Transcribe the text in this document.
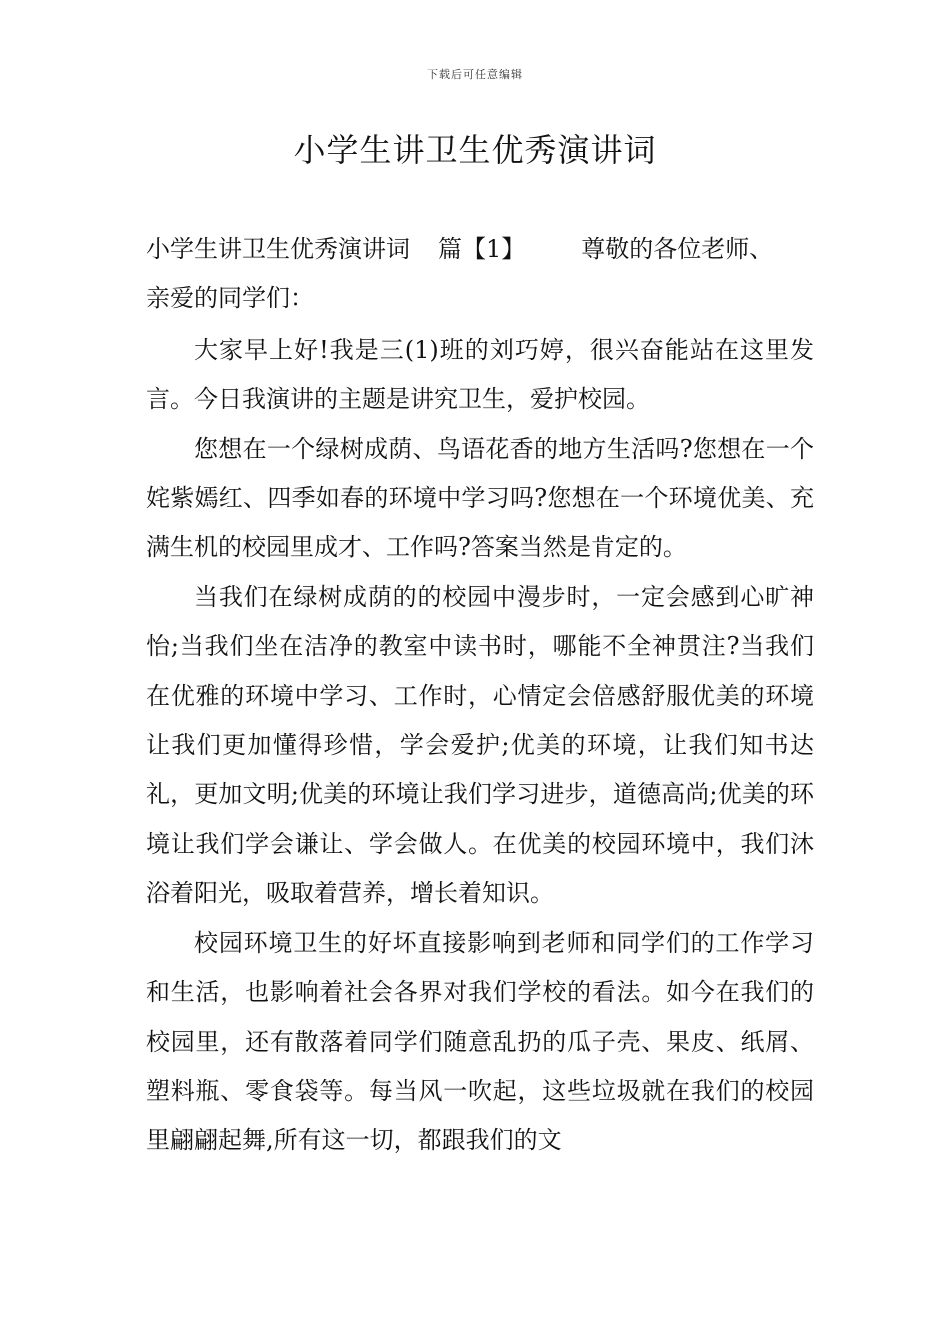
下载后可任意编辑
小学生讲卫生优秀演讲词

小学生讲卫生优秀演讲词 篇【1】 尊敬的各位老师、
亲爱的同学们：

大家早上好!我是三(1)班的刘巧婷，很兴奋能站在这里发言。今日我演讲的主题是讲究卫生，爱护校园。

您想在一个绿树成荫、鸟语花香的地方生活吗?您想在一个姹紫嫣红、四季如春的环境中学习吗?您想在一个环境优美、充满生机的校园里成才、工作吗?答案当然是肯定的。

当我们在绿树成荫的的校园中漫步时，一定会感到心旷神怡;当我们坐在洁净的教室中读书时，哪能不全神贯注?当我们在优雅的环境中学习、工作时，心情定会倍感舒服优美的环境让我们更加懂得珍惜，学会爱护;优美的环境，让我们知书达礼，更加文明;优美的环境让我们学习进步，道德高尚;优美的环境让我们学会谦让、学会做人。在优美的校园环境中，我们沐浴着阳光，吸取着营养，增长着知识。

校园环境卫生的好坏直接影响到老师和同学们的工作学习和生活，也影响着社会各界对我们学校的看法。如今在我们的校园里，还有散落着同学们随意乱扔的瓜子壳、果皮、纸屑、塑料瓶、零食袋等。每当风一吹起，这些垃圾就在我们的校园里翩翩起舞,所有这一切，都跟我们的文
